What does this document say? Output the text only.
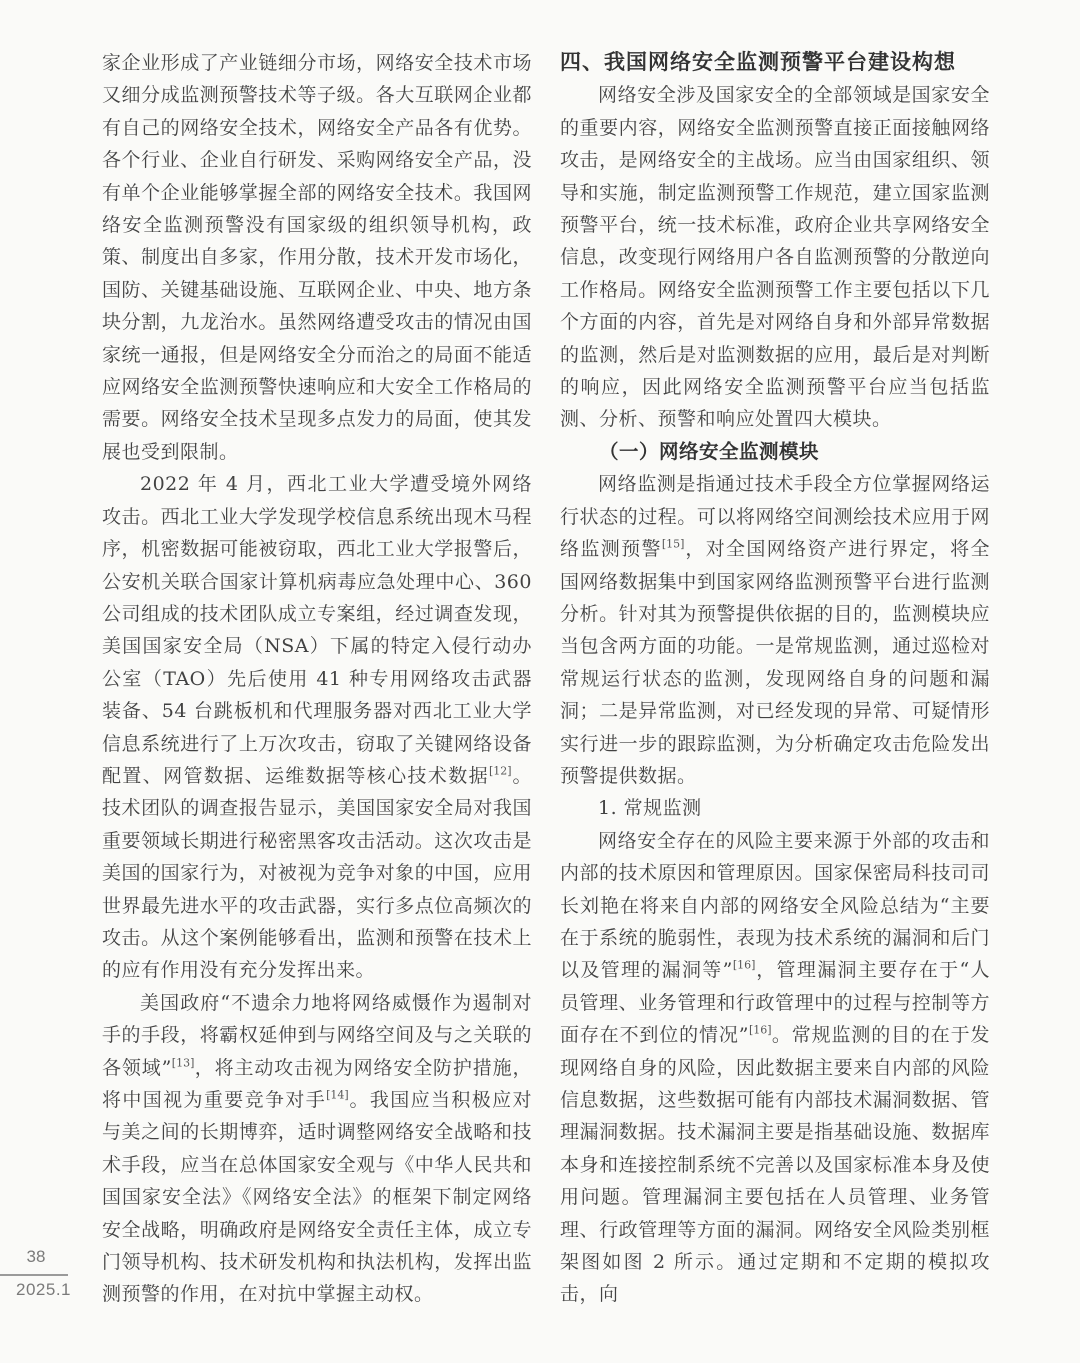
家企业形成了产业链细分市场，网络安全技术市场又细分成监测预警技术等子级。各大互联网企业都有自己的网络安全技术，网络安全产品各有优势。各个行业、企业自行研发、采购网络安全产品，没有单个企业能够掌握全部的网络安全技术。我国网络安全监测预警没有国家级的组织领导机构，政策、制度出自多家，作用分散，技术开发市场化，国防、关键基础设施、互联网企业、中央、地方条块分割，九龙治水。虽然网络遭受攻击的情况由国家统一通报，但是网络安全分而治之的局面不能适应网络安全监测预警快速响应和大安全工作格局的需要。网络安全技术呈现多点发力的局面，使其发展也受到限制。

2022 年 4 月，西北工业大学遭受境外网络攻击。西北工业大学发现学校信息系统出现木马程序，机密数据可能被窃取，西北工业大学报警后，公安机关联合国家计算机病毒应急处理中心、360 公司组成的技术团队成立专案组，经过调查发现，美国国家安全局（NSA）下属的特定入侵行动办公室（TAO）先后使用 41 种专用网络攻击武器装备、54 台跳板机和代理服务器对西北工业大学信息系统进行了上万次攻击，窃取了关键网络设备配置、网管数据、运维数据等核心技术数据[12]。技术团队的调查报告显示，美国国家安全局对我国重要领域长期进行秘密黑客攻击活动。这次攻击是美国的国家行为，对被视为竞争对象的中国，应用世界最先进水平的攻击武器，实行多点位高频次的攻击。从这个案例能够看出，监测和预警在技术上的应有作用没有充分发挥出来。

美国政府“不遗余力地将网络威慑作为遏制对手的手段，将霸权延伸到与网络空间及与之关联的各领域”[13]，将主动攻击视为网络安全防护措施，将中国视为重要竞争对手[14]。我国应当积极应对与美之间的长期博弈，适时调整网络安全战略和技术手段，应当在总体国家安全观与《中华人民共和国国家安全法》《网络安全法》的框架下制定网络安全战略，明确政府是网络安全责任主体，成立专门领导机构、技术研发机构和执法机构，发挥出监测预警的作用，在对抗中掌握主动权。

四、我国网络安全监测预警平台建设构想

网络安全涉及国家安全的全部领域是国家安全的重要内容，网络安全监测预警直接正面接触网络攻击，是网络安全的主战场。应当由国家组织、领导和实施，制定监测预警工作规范，建立国家监测预警平台，统一技术标准，政府企业共享网络安全信息，改变现行网络用户各自监测预警的分散逆向工作格局。网络安全监测预警工作主要包括以下几个方面的内容，首先是对网络自身和外部异常数据的监测，然后是对监测数据的应用，最后是对判断的响应，因此网络安全监测预警平台应当包括监测、分析、预警和响应处置四大模块。

（一）网络安全监测模块

网络监测是指通过技术手段全方位掌握网络运行状态的过程。可以将网络空间测绘技术应用于网络监测预警[15]，对全国网络资产进行界定，将全国网络数据集中到国家网络监测预警平台进行监测分析。针对其为预警提供依据的目的，监测模块应当包含两方面的功能。一是常规监测，通过巡检对常规运行状态的监测，发现网络自身的问题和漏洞；二是异常监测，对已经发现的异常、可疑情形实行进一步的跟踪监测，为分析确定攻击危险发出预警提供数据。

1. 常规监测

网络安全存在的风险主要来源于外部的攻击和内部的技术原因和管理原因。国家保密局科技司司长刘艳在将来自内部的网络安全风险总结为“主要在于系统的脆弱性，表现为技术系统的漏洞和后门以及管理的漏洞等”[16]，管理漏洞主要存在于“人员管理、业务管理和行政管理中的过程与控制等方面存在不到位的情况”[16]。常规监测的目的在于发现网络自身的风险，因此数据主要来自内部的风险信息数据，这些数据可能有内部技术漏洞数据、管理漏洞数据。技术漏洞主要是指基础设施、数据库本身和连接控制系统不完善以及国家标准本身及使用问题。管理漏洞主要包括在人员管理、业务管理、行政管理等方面的漏洞。网络安全风险类别框架图如图 2 所示。通过定期和不定期的模拟攻击，向

38
2025.1
